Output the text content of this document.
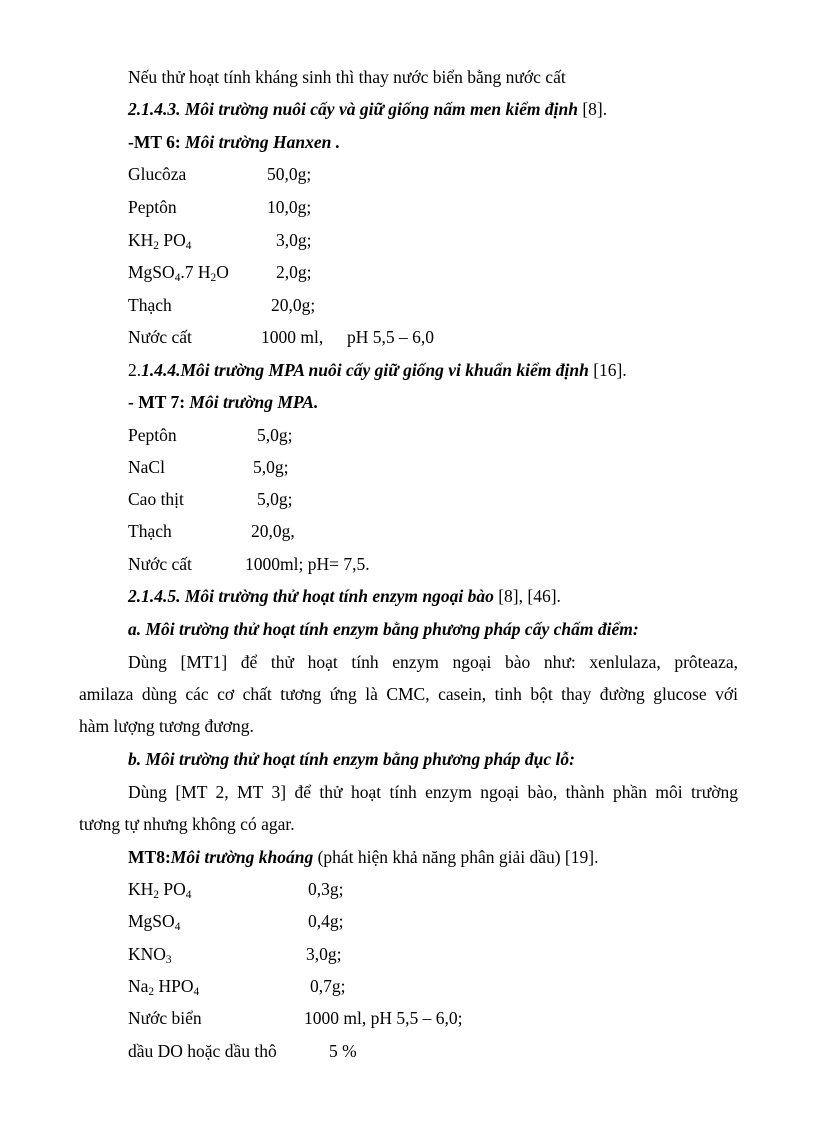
Nếu thử hoạt tính kháng sinh thì thay nước biển bằng nước cất
2.1.4.3. Môi trường nuôi cấy và giữ giống nấm men kiểm định [8].
-MT 6: Môi trường Hanxen .
Glucôza	50,0g;
Peptôn	10,0g;
$KH_2$ $PO_4$	3,0g;
MgSO$_4$.7 $H_2O$	2,0g;
Thạch	20,0g;
Nước cất	1000 ml, pH 5,5 – 6,0
2.1.4.4.Môi trường MPA nuôi cấy giữ giống vi khuẩn kiểm định [16].
- MT 7: Môi trường MPA.
Peptôn	5,0g;
NaCl	5,0g;
Cao thịt	5,0g;
Thạch	20,0g,
Nước cất	1000ml; pH= 7,5.
2.1.4.5. Môi trường thử hoạt tính enzym ngoại bào [8], [46].
a. Môi trường thử hoạt tính enzym bằng phương pháp cấy chấm điểm:
Dùng [MT1] để thử hoạt tính enzym ngoại bào như: xenlulaza, prôteaza,
amilaza dùng các cơ chất tương ứng là CMC, casein, tinh bột thay đường glucose với
hàm lượng tương đương.
b. Môi trường thử hoạt tính enzym bằng phương pháp đục lỗ:
Dùng [MT 2, MT 3] để thử hoạt tính enzym ngoại bào, thành phần môi trường
tương tự nhưng không có agar.
MT8:Môi trường khoáng (phát hiện khả năng phân giải dầu) [19].
$KH_2$ $PO_4$	0,3g;
MgSO$_4$	0,4g;
$KNO_3$	3,0g;
$Na_2$ $HPO_4$	0,7g;
Nước biển	1000 ml, pH 5,5 – 6,0;
dầu DO hoặc dầu thô	5 %
